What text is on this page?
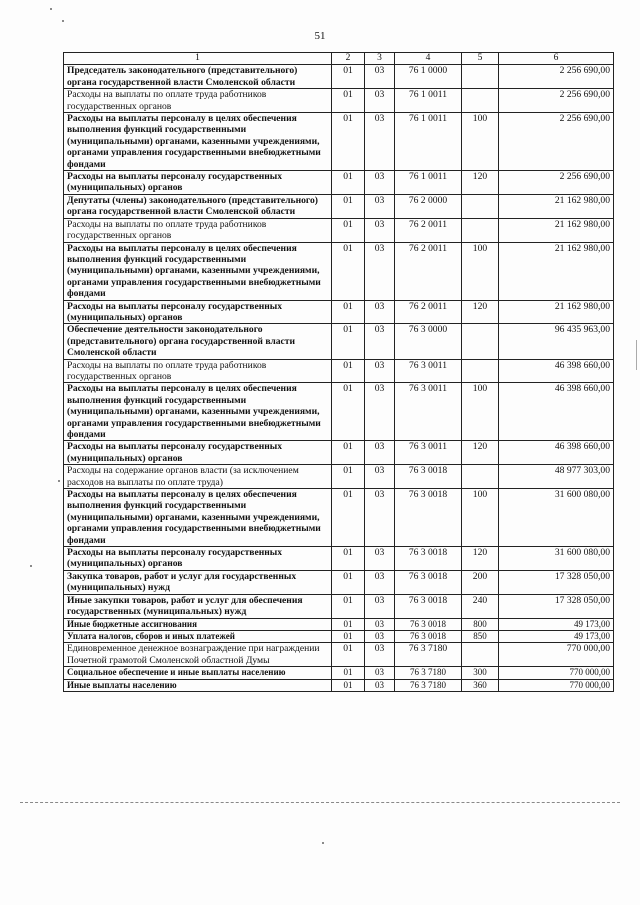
51
1	2	3	4	5	6
Председатель законодательного (представительного) органа государственной власти Смоленской области	01	03	76 1 0000		2 256 690,00
Расходы на выплаты по оплате труда работников государственных органов	01	03	76 1 0011		2 256 690,00
Расходы на выплаты персоналу в целях обеспечения выполнения функций государственными (муниципальными) органами, казенными учреждениями, органами управления государственными внебюджетными фондами	01	03	76 1 0011	100	2 256 690,00
Расходы на выплаты персоналу государственных (муниципальных) органов	01	03	76 1 0011	120	2 256 690,00
Депутаты (члены) законодательного (представительного) органа государственной власти Смоленской области	01	03	76 2 0000		21 162 980,00
Расходы на выплаты по оплате труда работников государственных органов	01	03	76 2 0011		21 162 980,00
Расходы на выплаты персоналу в целях обеспечения выполнения функций государственными (муниципальными) органами, казенными учреждениями, органами управления государственными внебюджетными фондами	01	03	76 2 0011	100	21 162 980,00
Расходы на выплаты персоналу государственных (муниципальных) органов	01	03	76 2 0011	120	21 162 980,00
Обеспечение деятельности законодательного (представительного) органа государственной власти Смоленской области	01	03	76 3 0000		96 435 963,00
Расходы на выплаты по оплате труда работников государственных органов	01	03	76 3 0011		46 398 660,00
Расходы на выплаты персоналу в целях обеспечения выполнения функций государственными (муниципальными) органами, казенными учреждениями, органами управления государственными внебюджетными фондами	01	03	76 3 0011	100	46 398 660,00
Расходы на выплаты персоналу государственных (муниципальных) органов	01	03	76 3 0011	120	46 398 660,00
Расходы на содержание органов власти (за исключением расходов на выплаты по оплате труда)	01	03	76 3 0018		48 977 303,00
Расходы на выплаты персоналу в целях обеспечения выполнения функций государственными (муниципальными) органами, казенными учреждениями, органами управления государственными внебюджетными фондами	01	03	76 3 0018	100	31 600 080,00
Расходы на выплаты персоналу государственных (муниципальных) органов	01	03	76 3 0018	120	31 600 080,00
Закупка товаров, работ и услуг для государственных (муниципальных) нужд	01	03	76 3 0018	200	17 328 050,00
Иные закупки товаров, работ и услуг для обеспечения государственных (муниципальных) нужд	01	03	76 3 0018	240	17 328 050,00
Иные бюджетные ассигнования	01	03	76 3 0018	800	49 173,00
Уплата налогов, сборов и иных платежей	01	03	76 3 0018	850	49 173,00
Единовременное денежное вознаграждение при награждении Почетной грамотой Смоленской областной Думы	01	03	76 3 7180		770 000,00
Социальное обеспечение и иные выплаты населению	01	03	76 3 7180	300	770 000,00
Иные выплаты населению	01	03	76 3 7180	360	770 000,00
